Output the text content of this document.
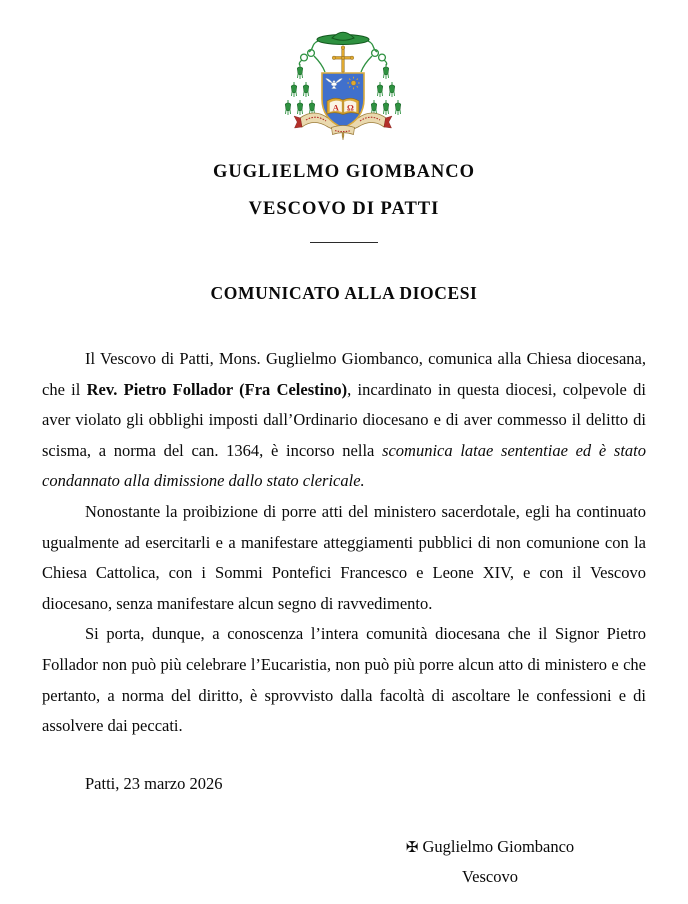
Α Ω
GUGLIELMO GIOMBANCO
VESCOVO DI PATTI
COMUNICATO ALLA DIOCESI

Il Vescovo di Patti, Mons. Guglielmo Giombanco, comunica alla Chiesa diocesana, che il Rev. Pietro Follador (Fra Celestino), incardinato in questa diocesi, colpevole di aver violato gli obblighi imposti dall’Ordinario diocesano e di aver commesso il delitto di scisma, a norma del can. 1364, è incorso nella scomunica latae sententiae ed è stato condannato alla dimissione dallo stato clericale.

Nonostante la proibizione di porre atti del ministero sacerdotale, egli ha continuato ugualmente ad esercitarli e a manifestare atteggiamenti pubblici di non comunione con la Chiesa Cattolica, con i Sommi Pontefici Francesco e Leone XIV, e con il Vescovo diocesano, senza manifestare alcun segno di ravvedimento.

Si porta, dunque, a conoscenza l’intera comunità diocesana che il Signor Pietro Follador non può più celebrare l’Eucaristia, non può più porre alcun atto di ministero e che pertanto, a norma del diritto, è sprovvisto dalla facoltà di ascoltare le confessioni e di assolvere dai peccati.

Patti, 23 marzo 2026
✠ Guglielmo Giombanco
Vescovo
